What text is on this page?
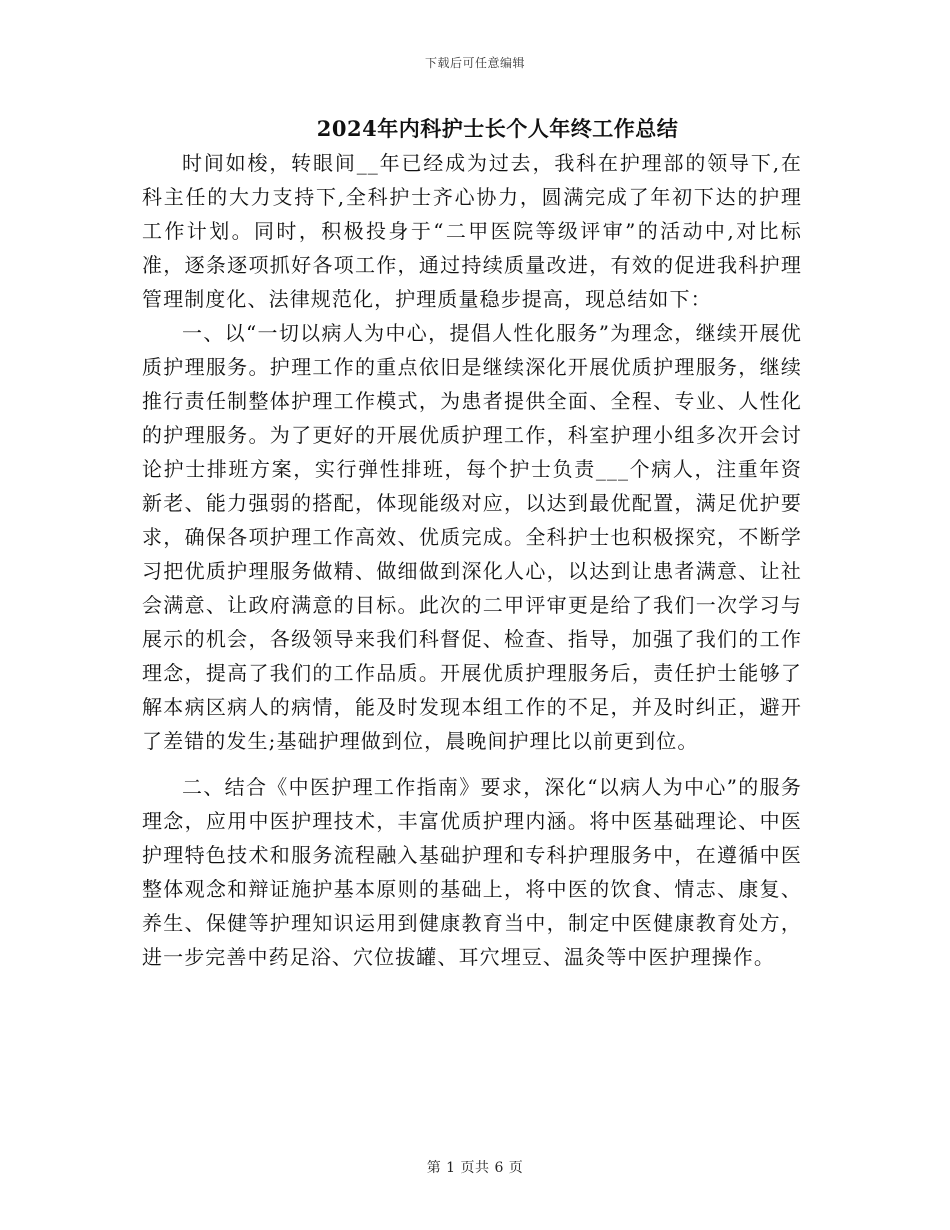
下载后可任意编辑
2024年内科护士长个人年终工作总结

时间如梭，转眼间__年已经成为过去，我科在护理部的领导下,在科主任的大力支持下,全科护士齐心协力，圆满完成了年初下达的护理工作计划。同时，积极投身于“二甲医院等级评审”的活动中,对比标准，逐条逐项抓好各项工作，通过持续质量改进，有效的促进我科护理管理制度化、法律规范化，护理质量稳步提高，现总结如下：

一、以“一切以病人为中心，提倡人性化服务”为理念，继续开展优质护理服务。护理工作的重点依旧是继续深化开展优质护理服务，继续推行责任制整体护理工作模式，为患者提供全面、全程、专业、人性化的护理服务。为了更好的开展优质护理工作，科室护理小组多次开会讨论护士排班方案，实行弹性排班，每个护士负责___个病人，注重年资新老、能力强弱的搭配，体现能级对应，以达到最优配置，满足优护要求，确保各项护理工作高效、优质完成。全科护士也积极探究，不断学习把优质护理服务做精、做细做到深化人心，以达到让患者满意、让社会满意、让政府满意的目标。此次的二甲评审更是给了我们一次学习与展示的机会，各级领导来我们科督促、检查、指导，加强了我们的工作理念，提高了我们的工作品质。开展优质护理服务后，责任护士能够了解本病区病人的病情，能及时发现本组工作的不足，并及时纠正，避开了差错的发生;基础护理做到位，晨晚间护理比以前更到位。

二、结合《中医护理工作指南》要求，深化“以病人为中心”的服务理念，应用中医护理技术，丰富优质护理内涵。将中医基础理论、中医护理特色技术和服务流程融入基础护理和专科护理服务中，在遵循中医整体观念和辩证施护基本原则的基础上，将中医的饮食、情志、康复、养生、保健等护理知识运用到健康教育当中，制定中医健康教育处方，进一步完善中药足浴、穴位拔罐、耳穴埋豆、温灸等中医护理操作。

第 1 页共 6 页
